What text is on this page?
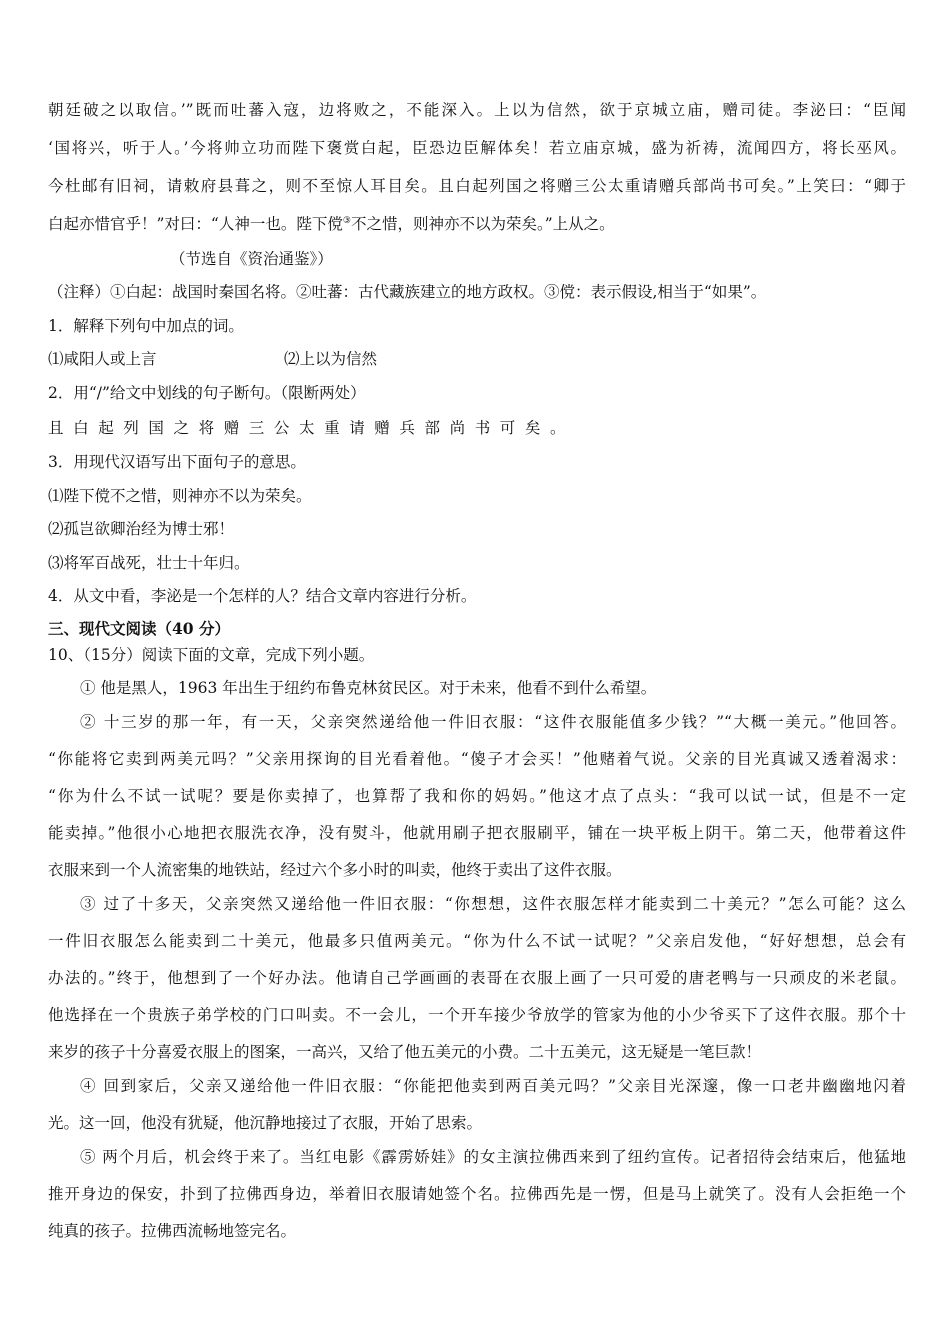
朝廷破之以取信。’”既而吐蕃入寇，边将败之，不能深入。上以为信然，欲于京城立庙，赠司徒。李泌曰：“臣闻
‘国将兴，听于人。’今将帅立功而陛下褒赏白起，臣恐边臣解体矣！若立庙京城，盛为祈祷，流闻四方，将长巫风。
今杜邮有旧祠，请敕府县葺之，则不至惊人耳目矣。且白起列国之将赠三公太重请赠兵部尚书可矣。”上笑曰：“卿于
白起亦惜官乎！”对曰：“人神一也。陛下傥③不之惜，则神亦不以为荣矣。”上从之。
（节选自《资治通鉴》）
（注释）①白起：战国时秦国名将。②吐蕃：古代藏族建立的地方政权。③傥：表示假设,相当于“如果”。
1．解释下列句中加点的词。
⑴咸阳人或上言	⑵上以为信然
2．用“/”给文中划线的句子断句。（限断两处）
且白起列国之将赠三公太重请赠兵部尚书可矣。
3．用现代汉语写出下面句子的意思。
⑴陛下傥不之惜，则神亦不以为荣矣。
⑵孤岂欲卿治经为博士邪！
⑶将军百战死，壮士十年归。
4．从文中看，李泌是一个怎样的人？结合文章内容进行分析。
三、现代文阅读（40 分）
10、（15分）阅读下面的文章，完成下列小题。
① 他是黑人，1963 年出生于纽约布鲁克林贫民区。对于未来，他看不到什么希望。
② 十三岁的那一年，有一天，父亲突然递给他一件旧衣服：“这件衣服能值多少钱？”“大概一美元。”他回答。
“你能将它卖到两美元吗？”父亲用探询的目光看着他。“傻子才会买！”他赌着气说。父亲的目光真诚又透着渴求：
“你为什么不试一试呢？要是你卖掉了，也算帮了我和你的妈妈。”他这才点了点头：“我可以试一试，但是不一定
能卖掉。”他很小心地把衣服洗衣净，没有熨斗，他就用刷子把衣服刷平，铺在一块平板上阴干。第二天，他带着这件
衣服来到一个人流密集的地铁站，经过六个多小时的叫卖，他终于卖出了这件衣服。
③ 过了十多天，父亲突然又递给他一件旧衣服：“你想想，这件衣服怎样才能卖到二十美元？”怎么可能？这么
一件旧衣服怎么能卖到二十美元，他最多只值两美元。“你为什么不试一试呢？”父亲启发他，“好好想想，总会有
办法的。”终于，他想到了一个好办法。他请自己学画画的表哥在衣服上画了一只可爱的唐老鸭与一只顽皮的米老鼠。
他选择在一个贵族子弟学校的门口叫卖。不一会儿，一个开车接少爷放学的管家为他的小少爷买下了这件衣服。那个十
来岁的孩子十分喜爱衣服上的图案，一高兴，又给了他五美元的小费。二十五美元，这无疑是一笔巨款！
④ 回到家后，父亲又递给他一件旧衣服：“你能把他卖到两百美元吗？”父亲目光深邃，像一口老井幽幽地闪着
光。这一回，他没有犹疑，他沉静地接过了衣服，开始了思索。
⑤ 两个月后，机会终于来了。当红电影《霹雳娇娃》的女主演拉佛西来到了纽约宣传。记者招待会结束后，他猛地
推开身边的保安，扑到了拉佛西身边，举着旧衣服请她签个名。拉佛西先是一愣，但是马上就笑了。没有人会拒绝一个
纯真的孩子。拉佛西流畅地签完名。
